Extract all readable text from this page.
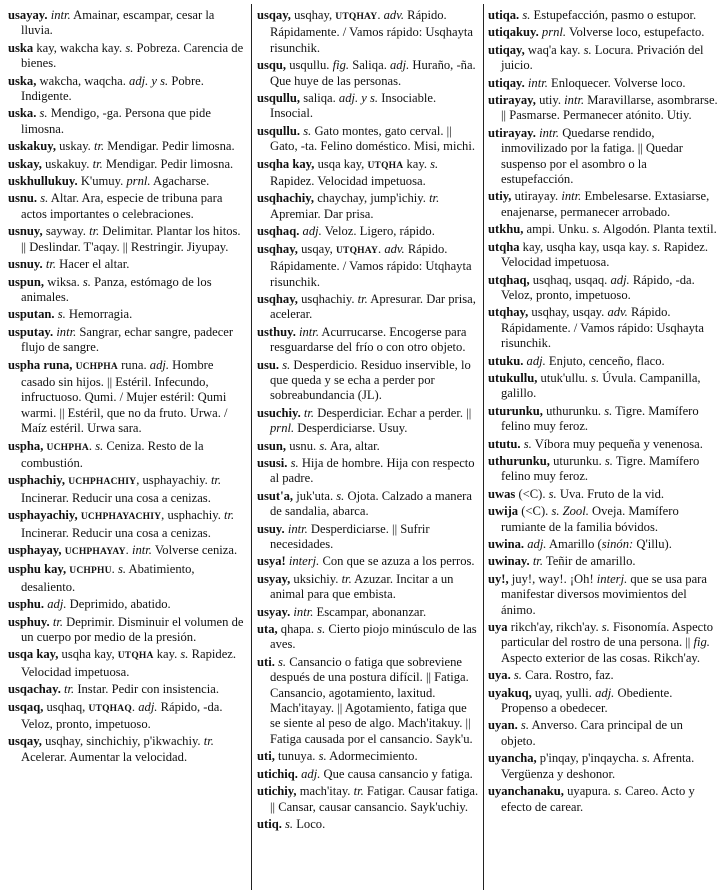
usayay. intr. Amainar, escampar, cesar la lluvia.
uska kay, wakcha kay. s. Pobreza. Carencia de bienes.
uska, wakcha, waqcha. adj. y s. Pobre. Indigente.
uska. s. Mendigo, -ga. Persona que pide limosna.
uskakuy, uskay. tr. Mendigar. Pedir limosna.
uskay, uskakuy. tr. Mendigar. Pedir limosna.
uskhullukuy. K'umuy. prnl. Agacharse.
usnu. s. Altar. Ara, especie de tribuna para actos importantes o celebraciones.
usnuy, sayway. tr. Delimitar. Plantar los hitos. || Deslindar. T'aqay. || Restringir. Jiyupay.
usnuy. tr. Hacer el altar.
uspun, wiksa. s. Panza, estómago de los animales.
usputan. s. Hemorragia.
usputay. intr. Sangrar, echar sangre, padecer flujo de sangre.
uspha runa, UCHPHA runa. adj. Hombre casado sin hijos. || Estéril. Infecundo, infructuoso. Qumi. / Mujer estéril: Qumi warmi. || Estéril, que no da fruto. Urwa. / Maíz estéril. Urwa sara.
uspha, UCHPHA. s. Ceniza. Resto de la combustión.
usphachiy, UCHPHACHIY, usphayachiy. tr. Incinerar. Reducir una cosa a cenizas.
usphayachiy, UCHPHAYACHIY, usphachiy. tr. Incinerar. Reducir una cosa a cenizas.
usphayay, UCHPHAYAY. intr. Volverse ceniza.
usphu kay, UCHPHU. s. Abatimiento, desaliento.
usphu. adj. Deprimido, abatido.
usphuy. tr. Deprimir. Disminuir el volumen de un cuerpo por medio de la presión.
usqa kay, usqha kay, UTQHA kay. s. Rapidez. Velocidad impetuosa.
usqachay. tr. Instar. Pedir con insistencia.
usqaq, usqhaq, UTQHAQ. adj. Rápido, -da. Veloz, pronto, impetuoso.
usqay, usqhay, sinchichiy, p'ikwachiy. tr. Acelerar. Aumentar la velocidad.
usqay, usqhay, UTQHAY. adv. Rápido. Rápidamente. / Vamos rápido: Usqhayta risunchik.
usqu, usqullu. fig. Saliqa. adj. Huraño, -ña. Que huye de las personas.
usqullu, saliqa. adj. y s. Insociable. Insocial.
usqullu. s. Gato montes, gato cerval. || Gato, -ta. Felino doméstico. Misi, michi.
usqha kay, usqa kay, UTQHA kay. s. Rapidez. Velocidad impetuosa.
usqhachiy, chaychay, jump'ichiy. tr. Apremiar. Dar prisa.
usqhaq. adj. Veloz. Ligero, rápido.
usqhay, usqay, UTQHAY. adv. Rápido. Rápidamente. / Vamos rápido: Utqhayta risunchik.
usqhay, usqhachiy. tr. Apresurar. Dar prisa, acelerar.
usthuy. intr. Acurrucarse. Encogerse para resguardarse del frío o con otro objeto.
usu. s. Desperdicio. Residuo inservible, lo que queda y se echa a perder por sobreabundancia (JL).
usuchiy. tr. Desperdiciar. Echar a perder. || prnl. Desperdiciarse. Usuy.
usun, usnu. s. Ara, altar.
ususi. s. Hija de hombre. Hija con respecto al padre.
usut'a, juk'uta. s. Ojota. Calzado a manera de sandalia, abarca.
usuy. intr. Desperdiciarse. || Sufrir necesidades.
usya! interj. Con que se azuza a los perros.
usyay, uksichiy. tr. Azuzar. Incitar a un animal para que embista.
usyay. intr. Escampar, abonanzar.
uta, qhapa. s. Cierto piojo minúsculo de las aves.
uti. s. Cansancio o fatiga que sobreviene después de una postura difícil. || Fatiga. Cansancio, agotamiento, laxitud. Mach'itayay. || Agotamiento, fatiga que se siente al peso de algo. Mach'itakuy. || Fatiga causada por el cansancio. Sayk'u.
uti, tunuya. s. Adormecimiento.
utichiq. adj. Que causa cansancio y fatiga.
utichiy, mach'itay. tr. Fatigar. Causar fatiga. || Cansar, causar cansancio. Sayk'uchiy.
utiq. s. Loco.
utiqa. s. Estupefacción, pasmo o estupor.
utiqakuy. prnl. Volverse loco, estupefacto.
utiqay, waq'a kay. s. Locura. Privación del juicio.
utiqay. intr. Enloquecer. Volverse loco.
utirayay, utiy. intr. Maravillarse, asombrarse. || Pasmarse. Permanecer atónito. Utiy.
utirayay. intr. Quedarse rendido, inmovilizado por la fatiga. || Quedar suspenso por el asombro o la estupefacción.
utiy, utirayay. intr. Embelesarse. Extasiarse, enajenarse, permanecer arrobado.
utkhu, ampi. Unku. s. Algodón. Planta textil.
utqha kay, usqha kay, usqa kay. s. Rapidez. Velocidad impetuosa.
utqhaq, usqhaq, usqaq. adj. Rápido, -da. Veloz, pronto, impetuoso.
utqhay, usqhay, usqay. adv. Rápido. Rápidamente. / Vamos rápido: Usqhayta risunchik.
utuku. adj. Enjuto, cenceño, flaco.
utukullu, utuk'ullu. s. Úvula. Campanilla, galillo.
uturunku, uthurunku. s. Tigre. Mamífero felino muy feroz.
ututu. s. Víbora muy pequeña y venenosa.
uthurunku, uturunku. s. Tigre. Mamífero felino muy feroz.
uwas (<C). s. Uva. Fruto de la vid.
uwija (<C). s. Zool. Oveja. Mamífero rumiante de la familia bóvidos.
uwina. adj. Amarillo (sinón: Q'illu).
uwinay. tr. Teñir de amarillo.
uy!, juy!, way!. ¡Oh! interj. que se usa para manifestar diversos movimientos del ánimo.
uya rikch'ay, rikch'ay. s. Fisonomía. Aspecto particular del rostro de una persona. || fig. Aspecto exterior de las cosas. Rikch'ay.
uya. s. Cara. Rostro, faz.
uyakuq, uyaq, yulli. adj. Obediente. Propenso a obedecer.
uyan. s. Anverso. Cara principal de un objeto.
uyancha, p'inqay, p'inqaycha. s. Afrenta. Vergüenza y deshonor.
uyanchanaku, uyapura. s. Careo. Acto y efecto de carear.
